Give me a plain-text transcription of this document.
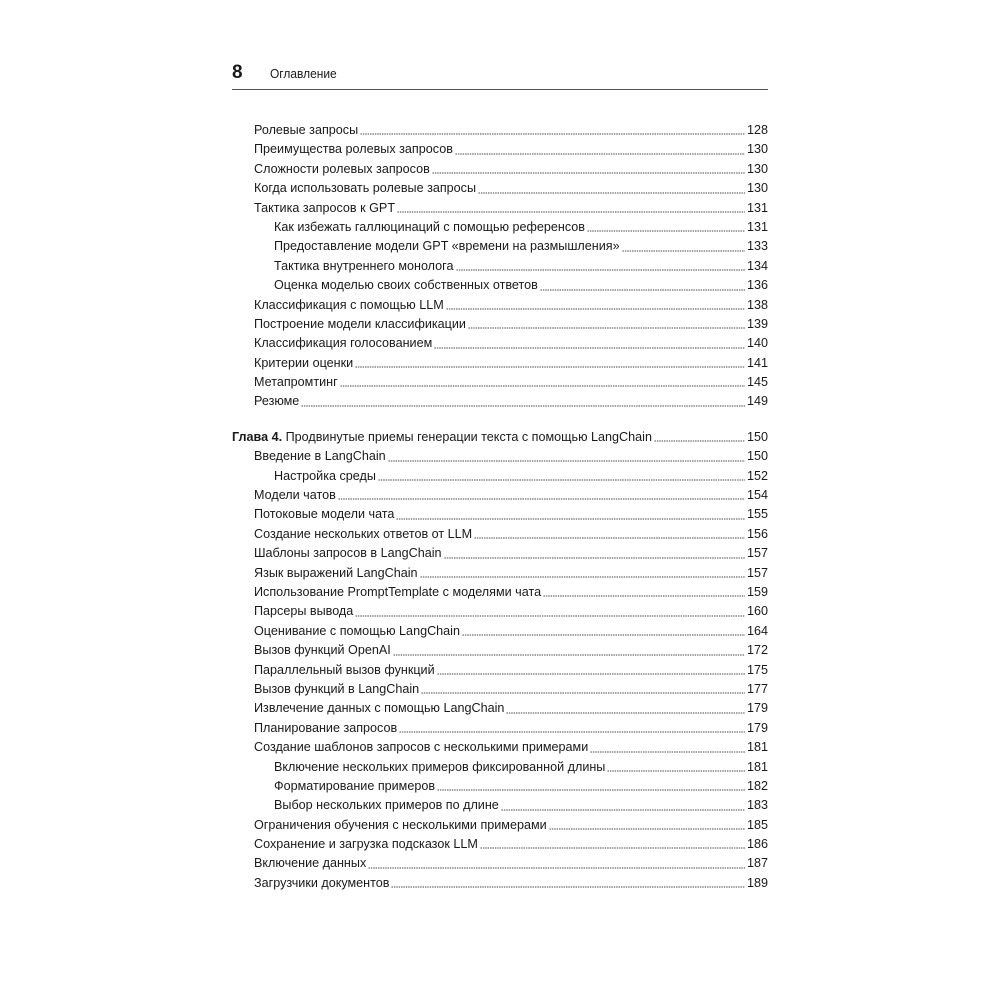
8 Оглавление
Ролевые запросы	128
Преимущества ролевых запросов	130
Сложности ролевых запросов	130
Когда использовать ролевые запросы	130
Тактика запросов к GPT	131
Как избежать галлюцинаций с помощью референсов	131
Предоставление модели GPT «времени на размышления»	133
Тактика внутреннего монолога	134
Оценка моделью своих собственных ответов	136
Классификация с помощью LLM	138
Построение модели классификации	139
Классификация голосованием	140
Критерии оценки	141
Метапромтинг	145
Резюме	149
Глава 4. Продвинутые приемы генерации текста с помощью LangChain	150
Введение в LangChain	150
Настройка среды	152
Модели чатов	154
Потоковые модели чата	155
Создание нескольких ответов от LLM	156
Шаблоны запросов в LangChain	157
Язык выражений LangChain	157
Использование PromptTemplate с моделями чата	159
Парсеры вывода	160
Оценивание с помощью LangChain	164
Вызов функций OpenAI	172
Параллельный вызов функций	175
Вызов функций в LangChain	177
Извлечение данных с помощью LangChain	179
Планирование запросов	179
Создание шаблонов запросов с несколькими примерами	181
Включение нескольких примеров фиксированной длины	181
Форматирование примеров	182
Выбор нескольких примеров по длине	183
Ограничения обучения с несколькими примерами	185
Сохранение и загрузка подсказок LLM	186
Включение данных	187
Загрузчики документов	189
